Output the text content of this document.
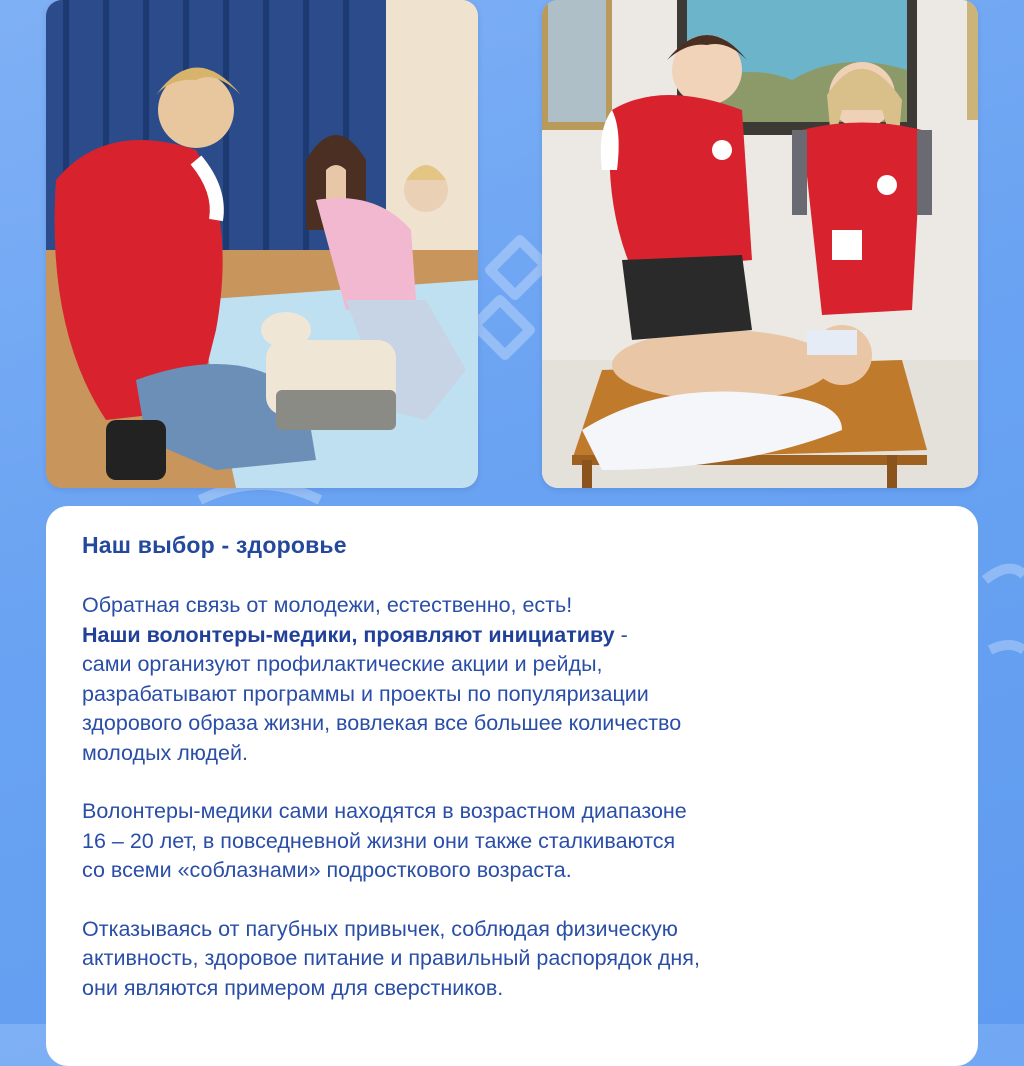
Наш выбор - здоровье

Обратная связь от молодежи, естественно, есть!
Наши волонтеры-медики, проявляют инициативу -
сами организуют профилактические акции и рейды,
разрабатывают программы и проекты по популяризации
здорового образа жизни, вовлекая все большее количество
молодых людей.

Волонтеры-медики сами находятся в возрастном диапазоне
16 – 20 лет, в повседневной жизни они также сталкиваются
со всеми «соблазнами» подросткового возраста.

Отказываясь от пагубных привычек, соблюдая физическую
активность, здоровое питание и правильный распорядок дня,
они являются примером для сверстников.
